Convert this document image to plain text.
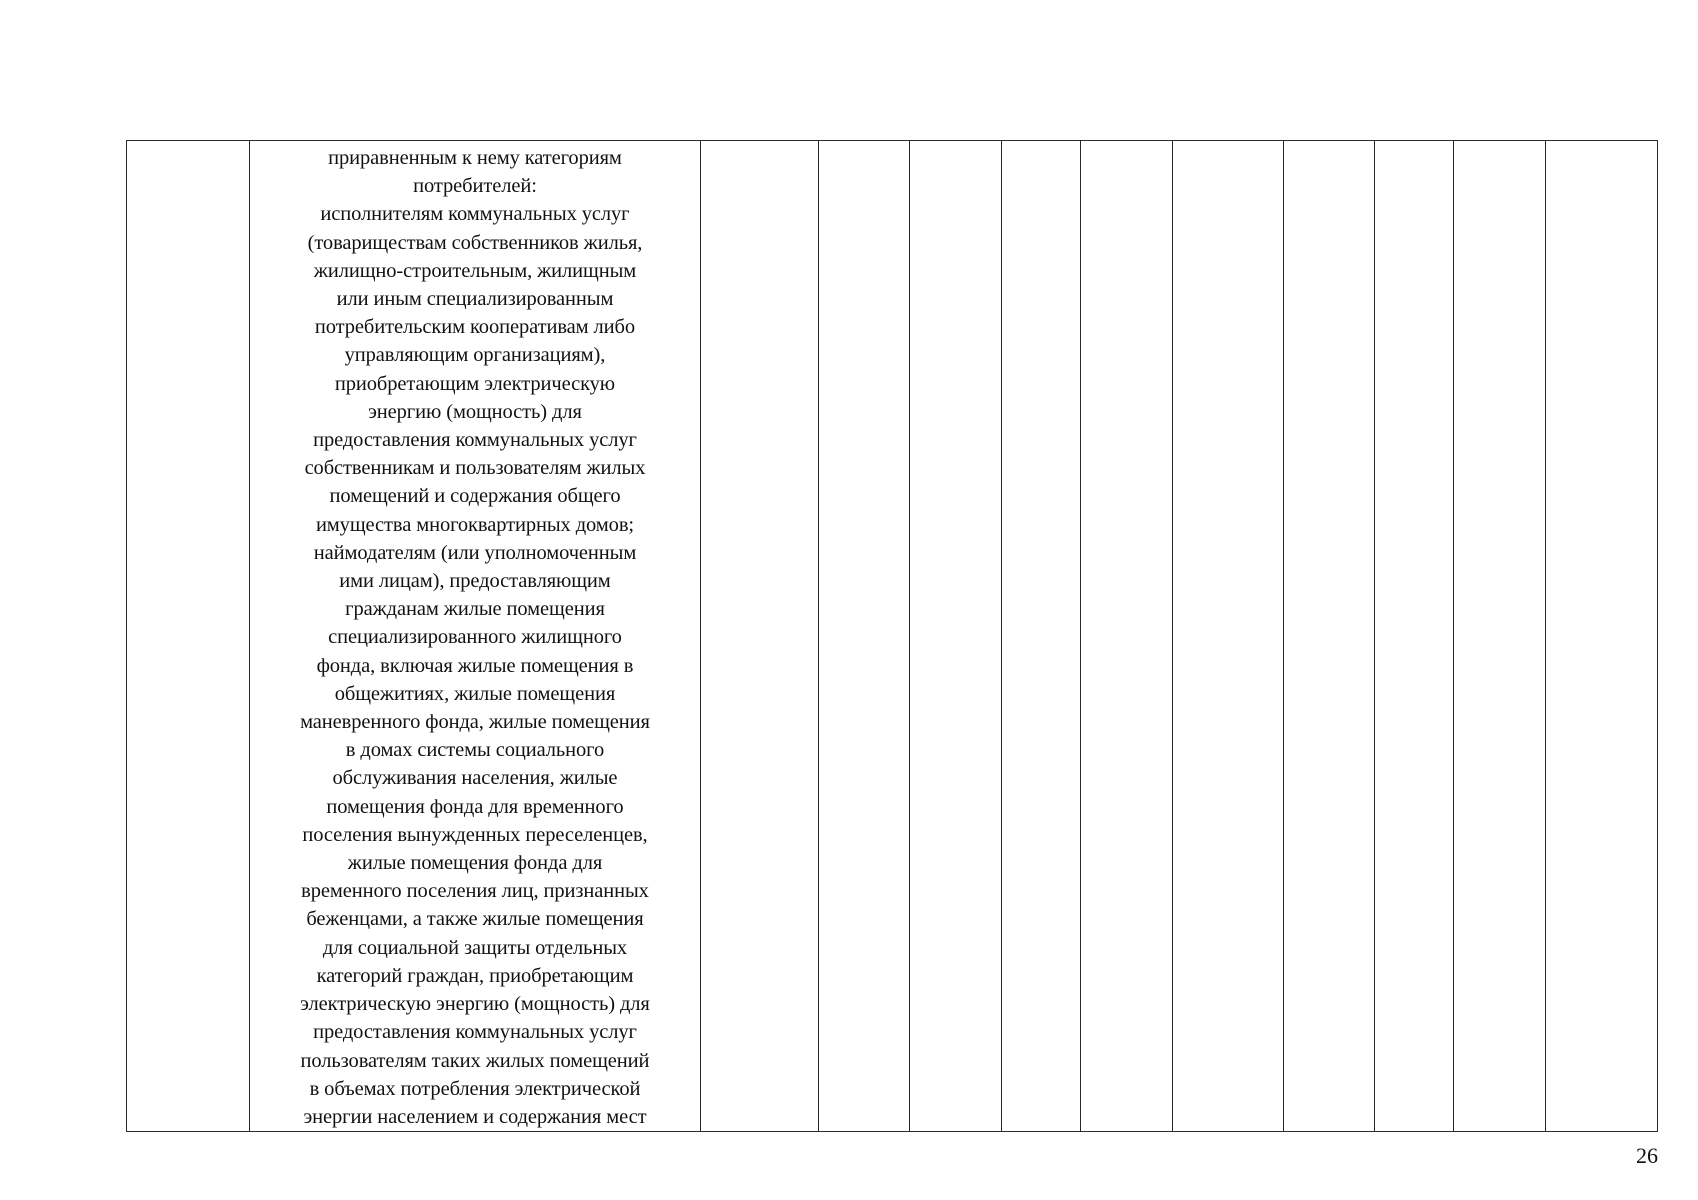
приравненным к нему категориям
потребителей:
исполнителям коммунальных услуг
(товариществам собственников жилья,
жилищно-строительным, жилищным
или иным специализированным
потребительским кооперативам либо
управляющим организациям),
приобретающим электрическую
энергию (мощность) для
предоставления коммунальных услуг
собственникам и пользователям жилых
помещений и содержания общего
имущества многоквартирных домов;
наймодателям (или уполномоченным
ими лицам), предоставляющим
гражданам жилые помещения
специализированного жилищного
фонда, включая жилые помещения в
общежитиях, жилые помещения
маневренного фонда, жилые помещения
в домах системы социального
обслуживания населения, жилые
помещения фонда для временного
поселения вынужденных переселенцев,
жилые помещения фонда для
временного поселения лиц, признанных
беженцами, а также жилые помещения
для социальной защиты отдельных
категорий граждан, приобретающим
электрическую энергию (мощность) для
предоставления коммунальных услуг
пользователям таких жилых помещений
в объемах потребления электрической
энергии населением и содержания мест

26
